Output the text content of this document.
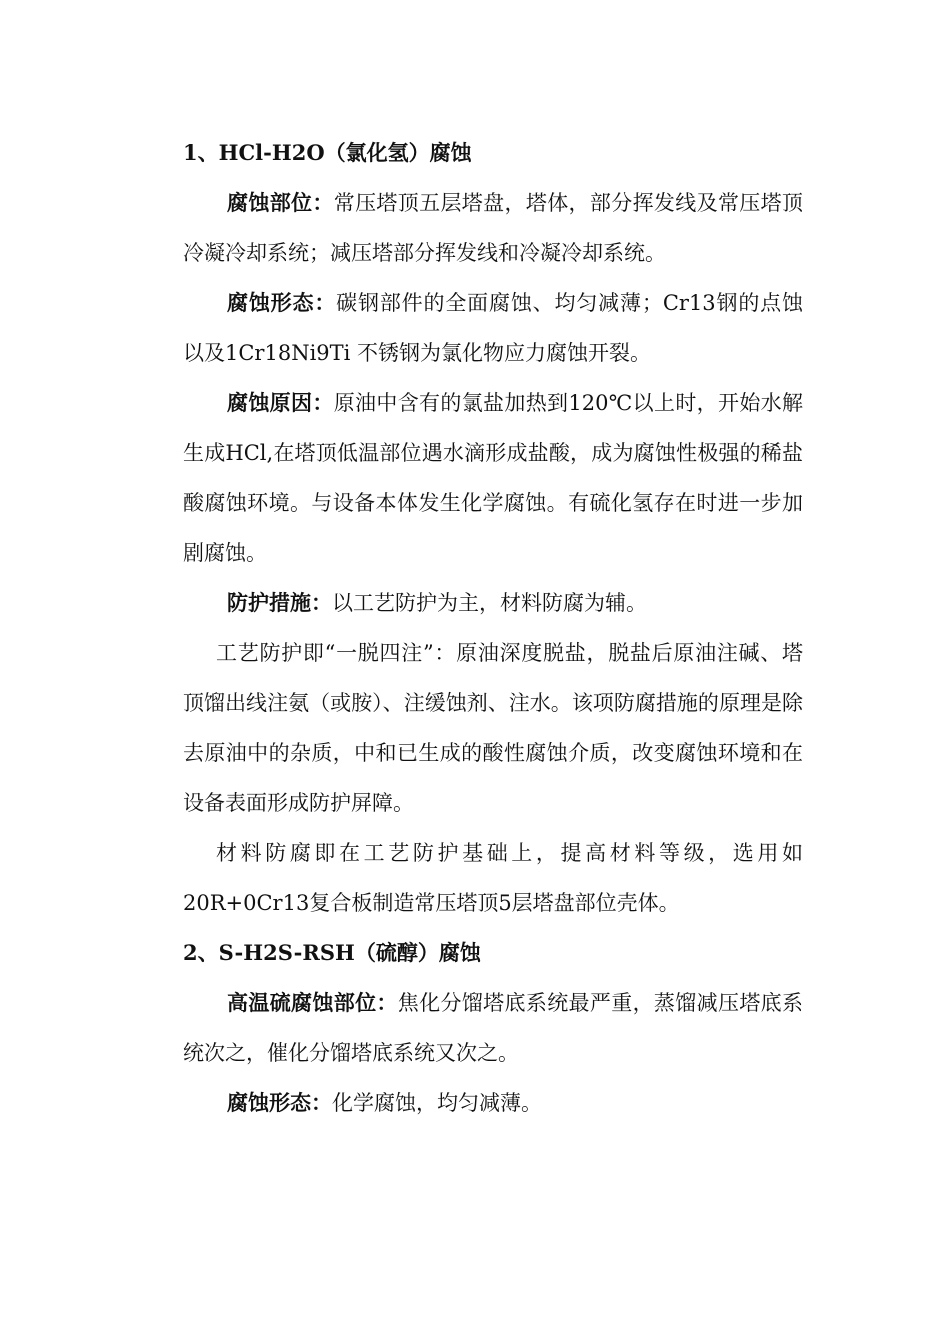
1、HCl-H2O（氯化氢）腐蚀

腐蚀部位：常压塔顶五层塔盘，塔体，部分挥发线及常压塔顶冷凝冷却系统；减压塔部分挥发线和冷凝冷却系统。

腐蚀形态：碳钢部件的全面腐蚀、均匀减薄；Cr13钢的点蚀以及1Cr18Ni9Ti 不锈钢为氯化物应力腐蚀开裂。

腐蚀原因：原油中含有的氯盐加热到120℃以上时，开始水解生成HCl,在塔顶低温部位遇水滴形成盐酸，成为腐蚀性极强的稀盐酸腐蚀环境。与设备本体发生化学腐蚀。有硫化氢存在时进一步加剧腐蚀。

防护措施：以工艺防护为主，材料防腐为辅。

工艺防护即“一脱四注”：原油深度脱盐，脱盐后原油注碱、塔顶馏出线注氨（或胺）、注缓蚀剂、注水。该项防腐措施的原理是除去原油中的杂质，中和已生成的酸性腐蚀介质，改变腐蚀环境和在设备表面形成防护屏障。

材料防腐即在工艺防护基础上，提高材料等级，选用如20R+0Cr13复合板制造常压塔顶5层塔盘部位壳体。

2、S-H2S-RSH（硫醇）腐蚀

高温硫腐蚀部位：焦化分馏塔底系统最严重，蒸馏减压塔底系统次之，催化分馏塔底系统又次之。

腐蚀形态：化学腐蚀，均匀减薄。
